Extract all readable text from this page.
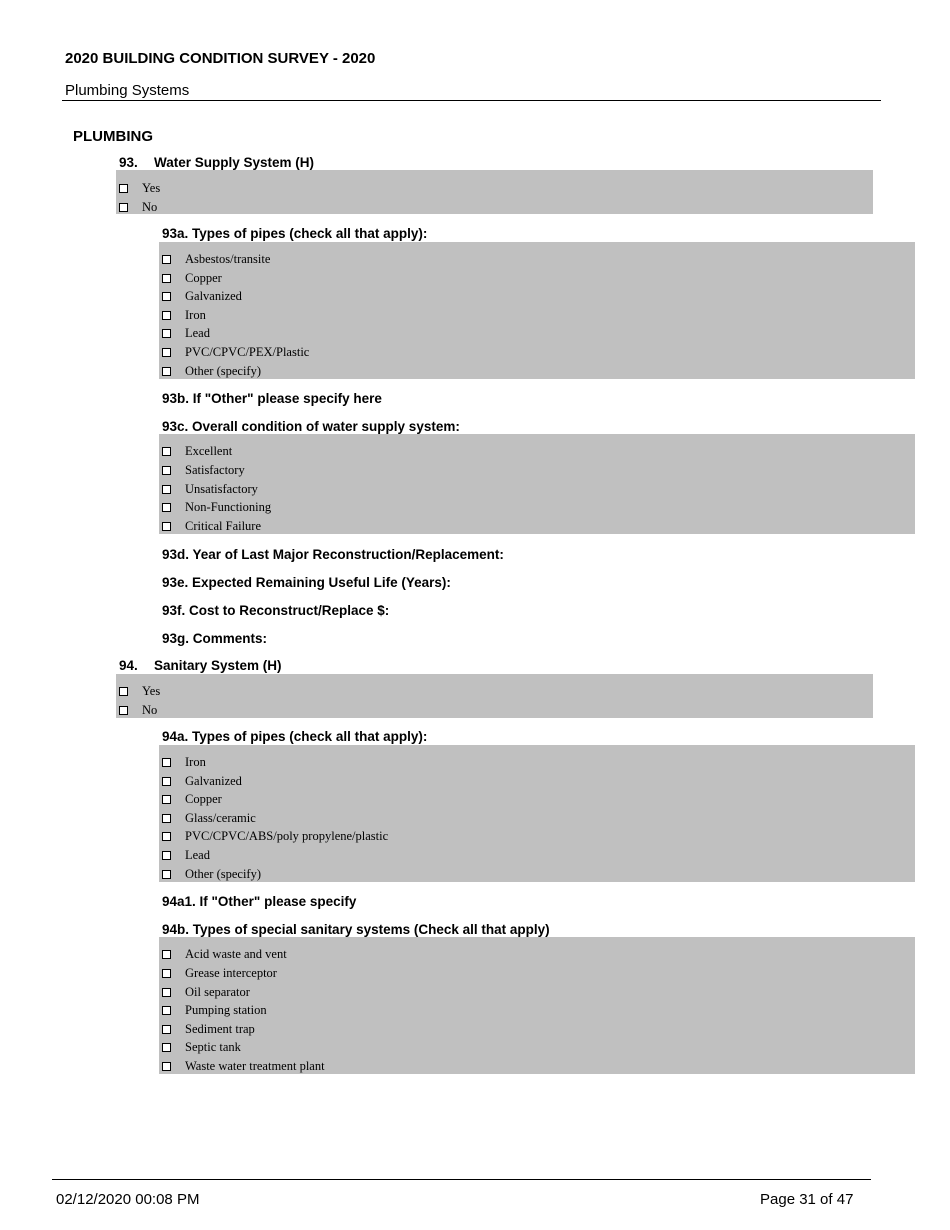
2020 BUILDING CONDITION SURVEY - 2020
Plumbing Systems
PLUMBING
93. Water Supply System (H)
Yes
No
93a. Types of pipes (check all that apply):
Asbestos/transite
Copper
Galvanized
Iron
Lead
PVC/CPVC/PEX/Plastic
Other (specify)
93b. If "Other" please specify here
93c. Overall condition of water supply system:
Excellent
Satisfactory
Unsatisfactory
Non-Functioning
Critical Failure
93d. Year of Last Major Reconstruction/Replacement:
93e. Expected Remaining Useful Life (Years):
93f. Cost to Reconstruct/Replace $:
93g. Comments:
94. Sanitary System (H)
Yes
No
94a. Types of pipes (check all that apply):
Iron
Galvanized
Copper
Glass/ceramic
PVC/CPVC/ABS/poly propylene/plastic
Lead
Other (specify)
94a1. If "Other" please specify
94b. Types of special sanitary systems (Check all that apply)
Acid waste and vent
Grease interceptor
Oil separator
Pumping station
Sediment trap
Septic tank
Waste water treatment plant
02/12/2020 00:08 PM	Page 31 of 47
